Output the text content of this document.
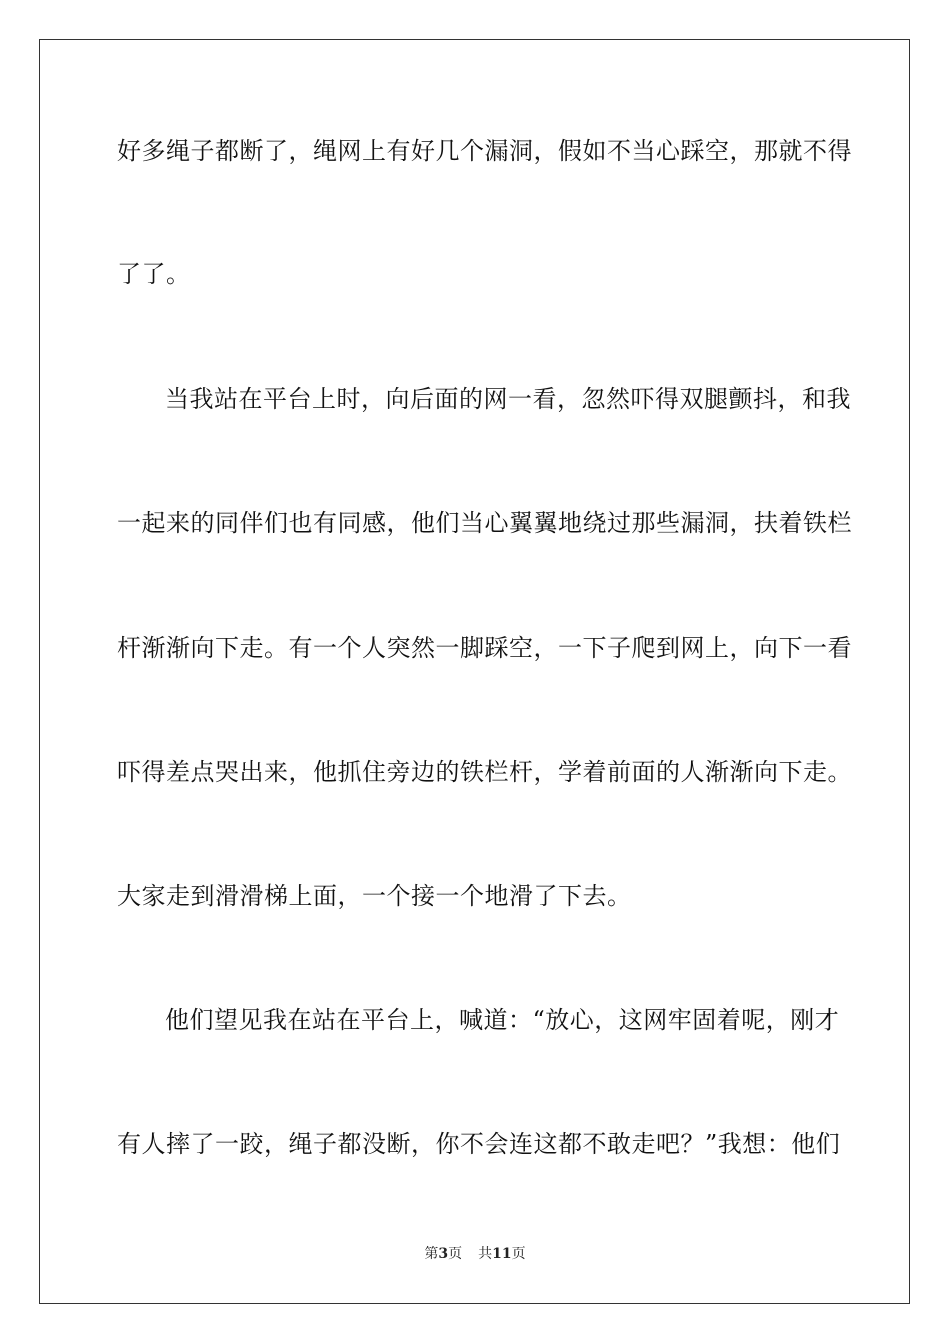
好多绳子都断了，绳网上有好几个漏洞，假如不当心踩空，那就不得
了了。
当我站在平台上时，向后面的网一看，忽然吓得双腿颤抖，和我
一起来的同伴们也有同感，他们当心翼翼地绕过那些漏洞，扶着铁栏
杆渐渐向下走。有一个人突然一脚踩空，一下子爬到网上，向下一看
吓得差点哭出来，他抓住旁边的铁栏杆，学着前面的人渐渐向下走。
大家走到滑滑梯上面，一个接一个地滑了下去。
他们望见我在站在平台上，喊道：“放心，这网牢固着呢，刚才
有人摔了一跤，绳子都没断，你不会连这都不敢走吧？”我想：他们
第3页 共11页
